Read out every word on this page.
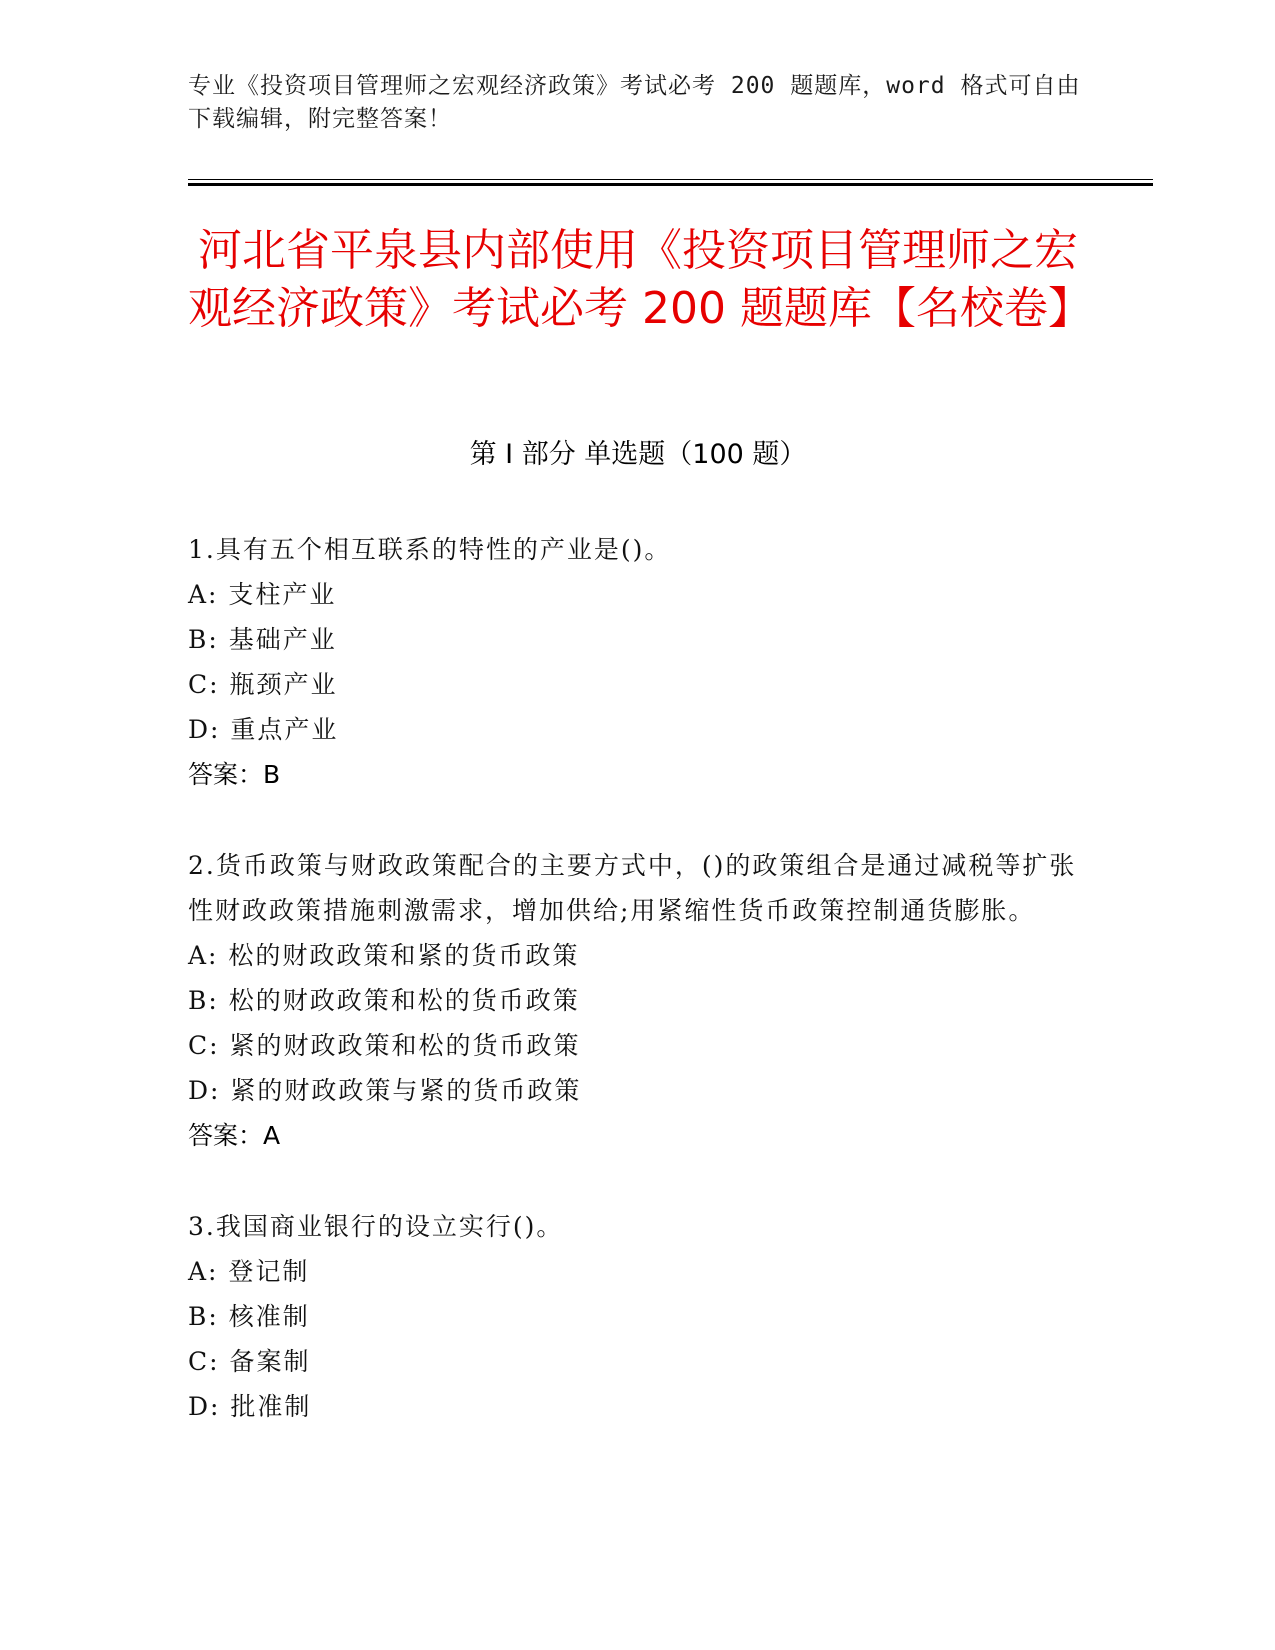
专业《投资项目管理师之宏观经济政策》考试必考 200 题题库，word 格式可自由下载编辑，附完整答案！
河北省平泉县内部使用《投资项目管理师之宏观经济政策》考试必考 200 题题库【名校卷】
第 I 部分 单选题（100 题）

1.具有五个相互联系的特性的产业是()。

A: 支柱产业

B: 基础产业

C: 瓶颈产业

D: 重点产业

答案：B

2.货币政策与财政政策配合的主要方式中，()的政策组合是通过减税等扩张性财政政策措施刺激需求，增加供给;用紧缩性货币政策控制通货膨胀。

A: 松的财政政策和紧的货币政策

B: 松的财政政策和松的货币政策

C: 紧的财政政策和松的货币政策

D: 紧的财政政策与紧的货币政策

答案：A

3.我国商业银行的设立实行()。

A: 登记制

B: 核准制

C: 备案制

D: 批准制
